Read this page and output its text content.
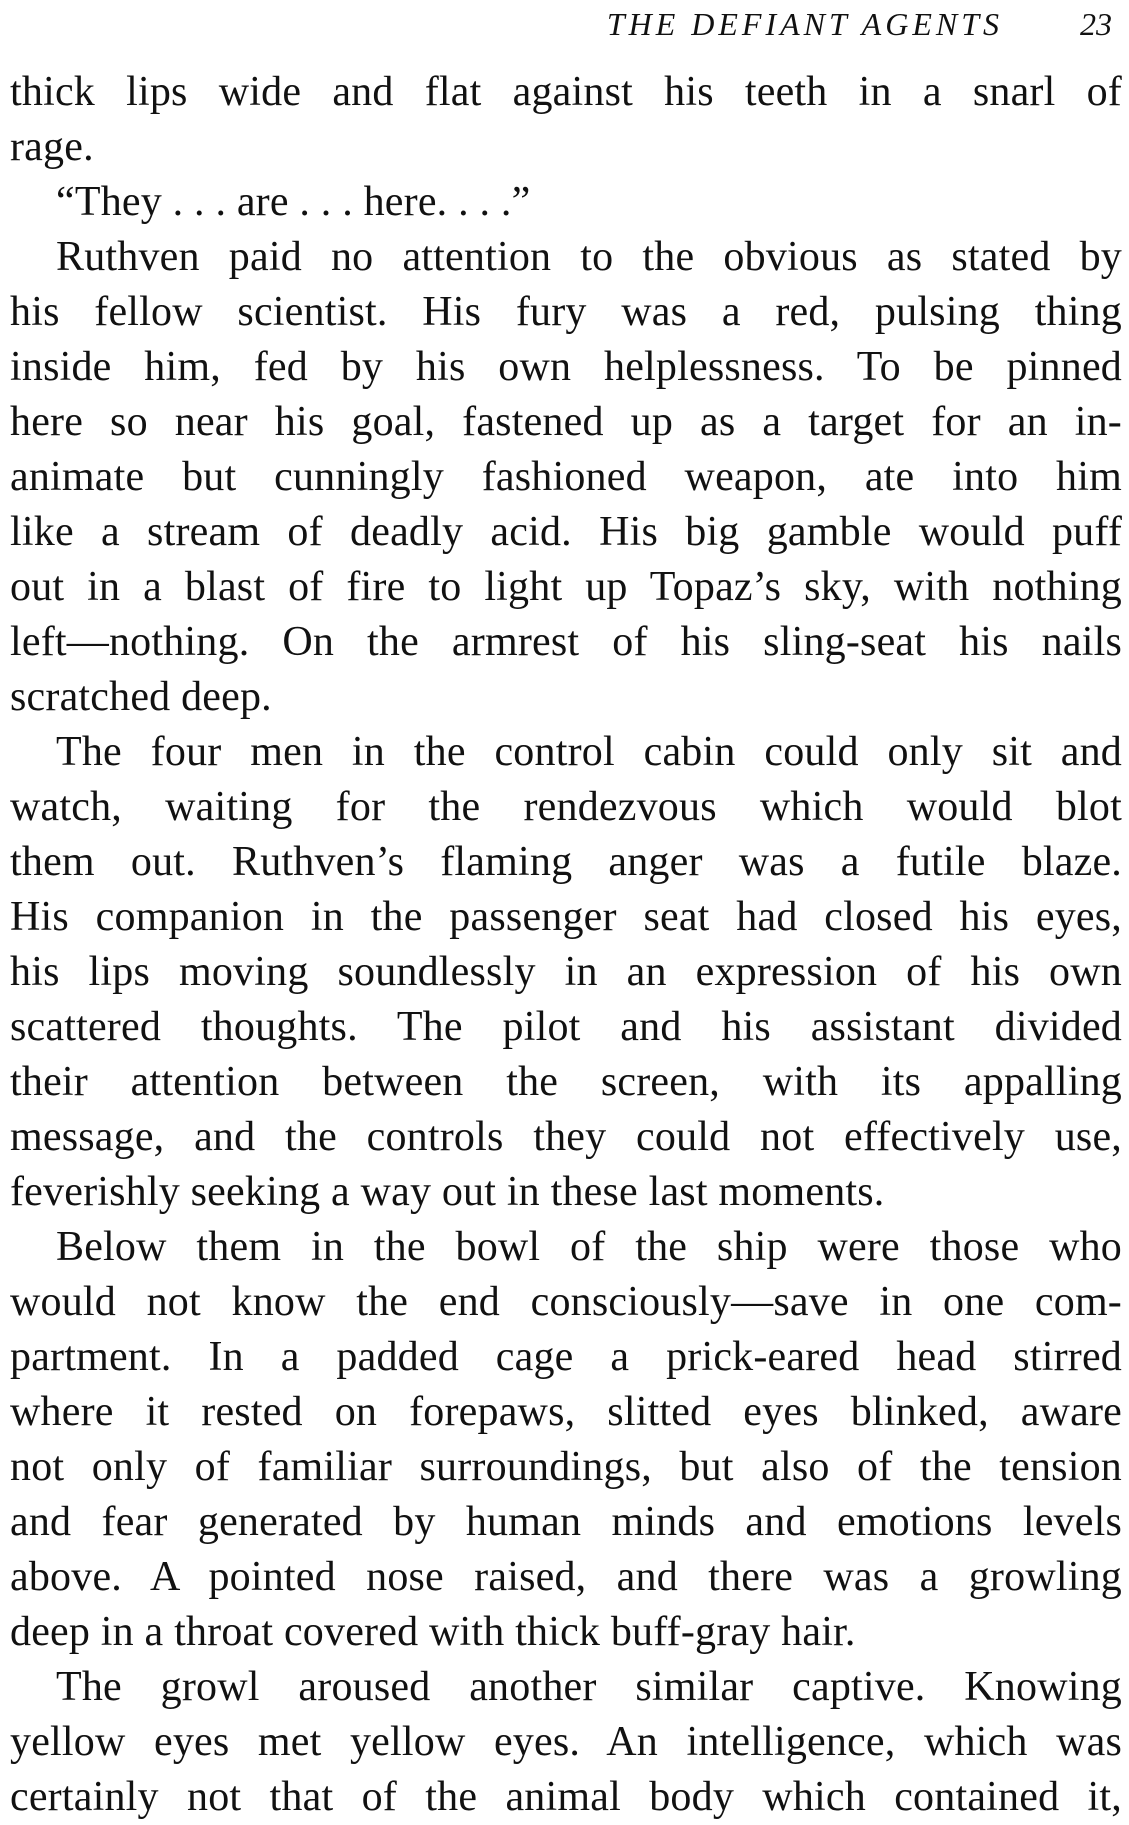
THE DEFIANT AGENTS 23
thick lips wide and flat against his teeth in a snarl of
rage.
“They . . . are . . . here. . . .”
Ruthven paid no attention to the obvious as stated by
his fellow scientist. His fury was a red, pulsing thing
inside him, fed by his own helplessness. To be pinned
here so near his goal, fastened up as a target for an in-
animate but cunningly fashioned weapon, ate into him
like a stream of deadly acid. His big gamble would puff
out in a blast of fire to light up Topaz’s sky, with nothing
left—nothing. On the armrest of his sling-seat his nails
scratched deep.
The four men in the control cabin could only sit and
watch, waiting for the rendezvous which would blot
them out. Ruthven’s flaming anger was a futile blaze.
His companion in the passenger seat had closed his eyes,
his lips moving soundlessly in an expression of his own
scattered thoughts. The pilot and his assistant divided
their attention between the screen, with its appalling
message, and the controls they could not effectively use,
feverishly seeking a way out in these last moments.
Below them in the bowl of the ship were those who
would not know the end consciously—save in one com-
partment. In a padded cage a prick-eared head stirred
where it rested on forepaws, slitted eyes blinked, aware
not only of familiar surroundings, but also of the tension
and fear generated by human minds and emotions levels
above. A pointed nose raised, and there was a growling
deep in a throat covered with thick buff-gray hair.
The growl aroused another similar captive. Knowing
yellow eyes met yellow eyes. An intelligence, which was
certainly not that of the animal body which contained it,
